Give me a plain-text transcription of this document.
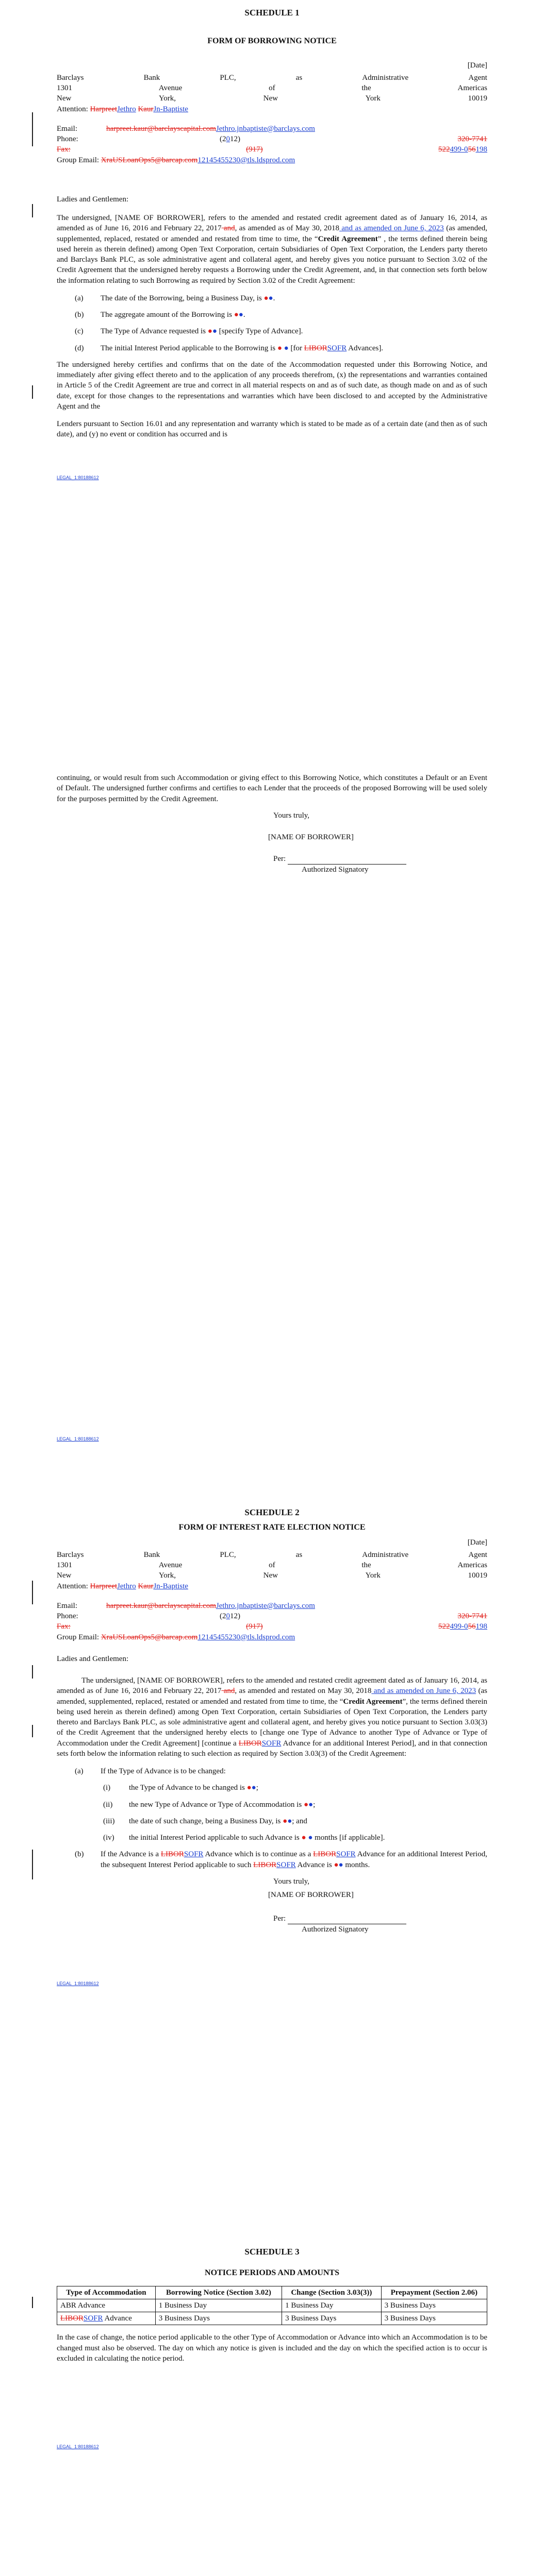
SCHEDULE 1
FORM OF BORROWING NOTICE
[Date]
Barclays	Bank	PLC,	as	Administrative	Agent
1301	Avenue	of	the	Americas
New	York,	New	York	10019
Attention: HarpreetJethro KaurJn-Baptiste
Email:	harpreet.kaur@barclayscapital.com Jethro.jnbaptiste@barclays.com
Phone:	(2012)	320-7741
Fax:	(917)	522499-056198
Group Email: XraUSLoanOps5@barcap.com12145455230@tls.ldsprod.com
Ladies and Gentlemen:

The undersigned, [NAME OF BORROWER], refers to the amended and restated credit agreement dated as of January 16, 2014, as amended as of June 16, 2016 and February 22, 2017 and, as amended as of May 30, 2018 and as amended on June 6, 2023 (as amended, supplemented, replaced, restated or amended and restated from time to time, the “Credit Agreement” , the terms defined therein being used herein as therein defined) among Open Text Corporation, certain Subsidiaries of Open Text Corporation, the Lenders party thereto and Barclays Bank PLC, as sole administrative agent and collateral agent, and hereby gives you notice pursuant to Section 3.02 of the Credit Agreement that the undersigned hereby requests a Borrowing under the Credit Agreement, and, in that connection sets forth below the information relating to such Borrowing as required by Section 3.02 of the Credit Agreement:

(a)	The date of the Borrowing, being a Business Day, is ●●.
(b)	The aggregate amount of the Borrowing is ●●.
(c)	The Type of Advance requested is ●● [specify Type of Advance].
(d)	The initial Interest Period applicable to the Borrowing is ● ● [for LIBORSOFR Advances].

The undersigned hereby certifies and confirms that on the date of the Accommodation requested under this Borrowing Notice, and immediately after giving effect thereto and to the application of any proceeds therefrom, (x) the representations and warranties contained in Article 5 of the Credit Agreement are true and correct in all material respects on and as of such date, as though made on and as of such date, except for those changes to the representations and warranties which have been disclosed to and accepted by the Administrative Agent and the

Lenders pursuant to Section 16.01 and any representation and warranty which is stated to be made as of a certain date (and then as of such date), and (y) no event or condition has occurred and is

LEGAL_1:80188612

continuing, or would result from such Accommodation or giving effect to this Borrowing Notice, which constitutes a Default or an Event of Default. The undersigned further confirms and certifies to each Lender that the proceeds of the proposed Borrowing will be used solely for the purposes permitted by the Credit Agreement.

Yours truly,
[NAME OF BORROWER]
Per:
Authorized Signatory
LEGAL_1:80188612
SCHEDULE 2
FORM OF INTEREST RATE ELECTION NOTICE
[Date]
Barclays	Bank	PLC,	as	Administrative	Agent
1301	Avenue	of	the	Americas
New	York,	New	York	10019
Attention: HarpreetJethro KaurJn-Baptiste
Email:	harpreet.kaur@barclayscapital.com Jethro.jnbaptiste@barclays.com
Phone:	(2012)	320-7741
Fax:	(917)	522499-056198
Group Email: XraUSLoanOps5@barcap.com12145455230@tls.ldsprod.com
Ladies and Gentlemen:

The undersigned, [NAME OF BORROWER], refers to the amended and restated credit agreement dated as of January 16, 2014, as amended as of June 16, 2016 and February 22, 2017 and, as amended and restated on May 30, 2018 and as amended on June 6, 2023 (as amended, supplemented, replaced, restated or amended and restated from time to time, the “Credit Agreement”, the terms defined therein being used herein as therein defined) among Open Text Corporation, certain Subsidiaries of Open Text Corporation, the Lenders party thereto and Barclays Bank PLC, as sole administrative agent and collateral agent, and hereby gives you notice pursuant to Section 3.03(3) of the Credit Agreement that the undersigned hereby elects to [change one Type of Advance to another Type of Advance or Type of Accommodation under the Credit Agreement] [continue a LIBORSOFR Advance for an additional Interest Period], and in that connection sets forth below the information relating to such election as required by Section 3.03(3) of the Credit Agreement:

(a)	If the Type of Advance is to be changed:
(i)	the Type of Advance to be changed is ●●;
(ii)	the new Type of Advance or Type of Accommodation is ●●;
(iii)	the date of such change, being a Business Day, is ●●; and
(iv)	the initial Interest Period applicable to such Advance is ● ● months [if applicable].
(b)	If the Advance is a LIBORSOFR Advance which is to continue as a LIBORSOFR Advance for an additional Interest Period, the subsequent Interest Period applicable to such LIBORSOFR Advance is ●● months.
Yours truly,
[NAME OF BORROWER]
Per:
Authorized Signatory
LEGAL_1:80188612
SCHEDULE 3
NOTICE PERIODS AND AMOUNTS
Type of Accommodation	Borrowing Notice (Section 3.02)	Change (Section 3.03(3))	Prepayment (Section 2.06)
ABR Advance	1 Business Day	1 Business Day	3 Business Days
LIBORSOFR Advance	3 Business Days	3 Business Days	3 Business Days

In the case of change, the notice period applicable to the other Type of Accommodation or Advance into which an Accommodation is to be changed must also be observed. The day on which any notice is given is included and the day on which the specified action is to occur is excluded in calculating the notice period.

LEGAL_1:80188612
